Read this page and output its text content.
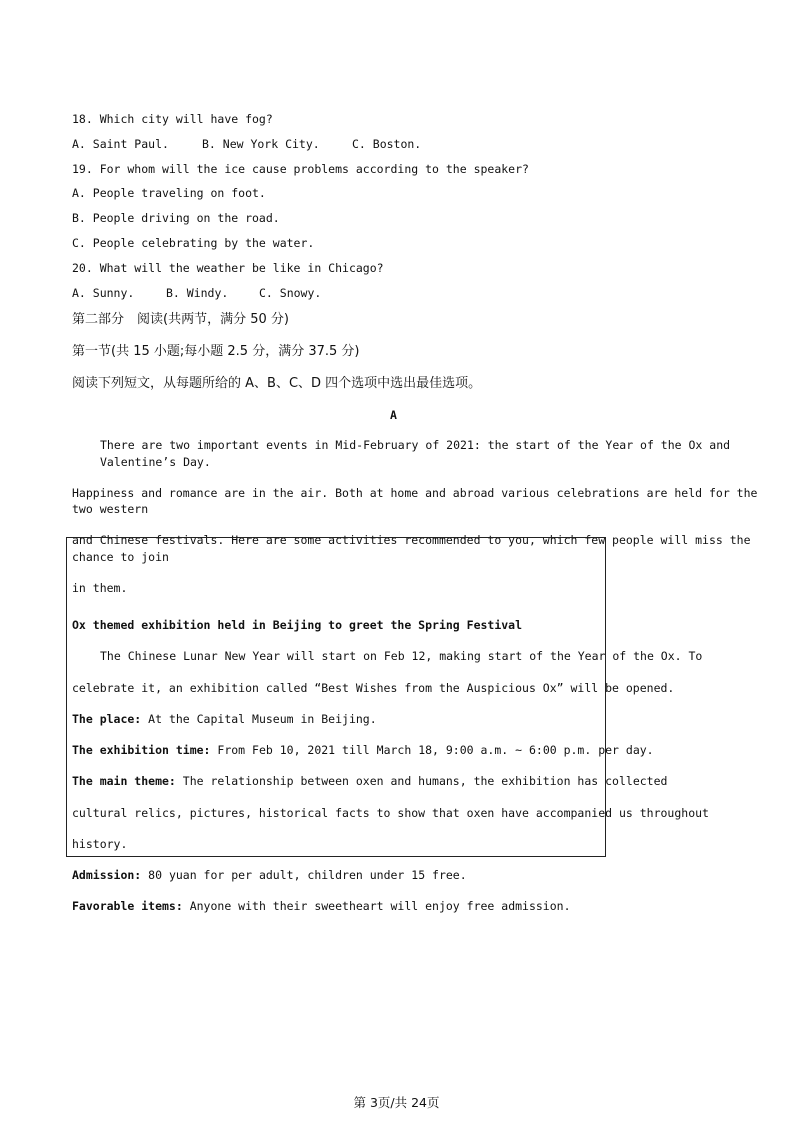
18. Which city will have fog?
A. Saint Paul.	B. New York City.	C. Boston.
19. For whom will the ice cause problems according to the speaker?
A. People traveling on foot.
B. People driving on the road.
C. People celebrating by the water.
20. What will the weather be like in Chicago?
A. Sunny.	B. Windy.	C. Snowy.
第二部分　阅读(共两节，满分 50 分)
第一节(共 15 小题;每小题 2.5 分，满分 37.5 分)
阅读下列短文，从每题所给的 A、B、C、D 四个选项中选出最佳选项。
A
There are two important events in Mid-February of 2021: the start of the Year of the Ox and
Valentine’s Day.
Happiness and romance are in the air. Both at home and abroad various celebrations are held for the
two western
and Chinese festivals. Here are some activities recommended to you, which few people will miss the
chance to join
in them.
Ox themed exhibition held in Beijing to greet the Spring Festival
The Chinese Lunar New Year will start on Feb 12, making start of the Year of the Ox. To
celebrate it, an exhibition called “Best Wishes from the Auspicious Ox” will be opened.
The place: At the Capital Museum in Beijing.
The exhibition time: From Feb 10, 2021 till March 18, 9:00 a.m. ~ 6:00 p.m. per day.
The main theme: The relationship between oxen and humans, the exhibition has collected
cultural relics, pictures, historical facts to show that oxen have accompanied us throughout
history.
Admission: 80 yuan for per adult, children under 15 free.
Favorable items: Anyone with their sweetheart will enjoy free admission.
第 3页/共 24页
